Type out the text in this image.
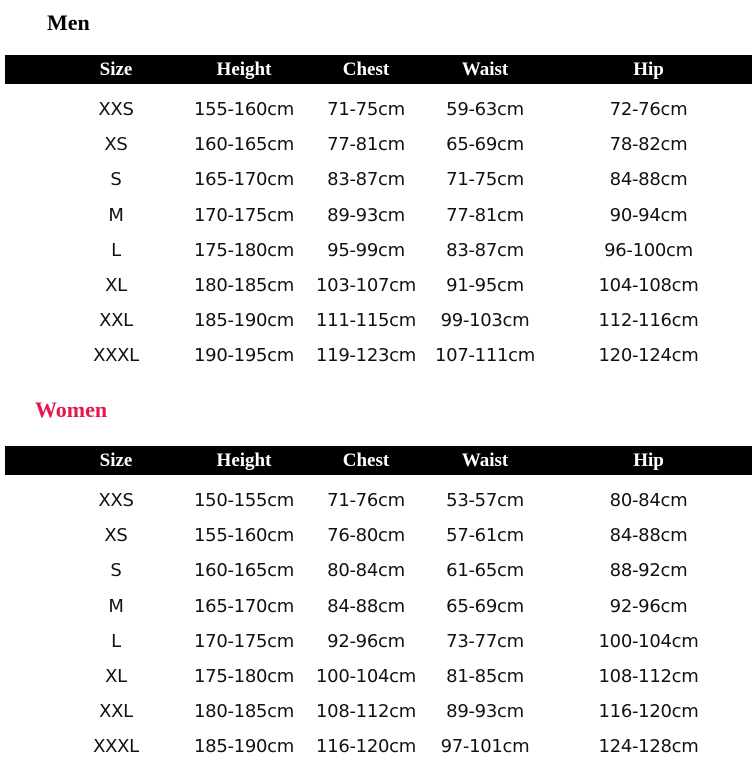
Men
	Size	Height	Chest	Waist	Hip
	XXS	155-160cm	71-75cm	59-63cm	72-76cm
	XS	160-165cm	77-81cm	65-69cm	78-82cm
	S	165-170cm	83-87cm	71-75cm	84-88cm
	M	170-175cm	89-93cm	77-81cm	90-94cm
	L	175-180cm	95-99cm	83-87cm	96-100cm
	XL	180-185cm	103-107cm	91-95cm	104-108cm
	XXL	185-190cm	111-115cm	99-103cm	112-116cm
	XXXL	190-195cm	119-123cm	107-111cm	120-124cm
Women
	Size	Height	Chest	Waist	Hip
	XXS	150-155cm	71-76cm	53-57cm	80-84cm
	XS	155-160cm	76-80cm	57-61cm	84-88cm
	S	160-165cm	80-84cm	61-65cm	88-92cm
	M	165-170cm	84-88cm	65-69cm	92-96cm
	L	170-175cm	92-96cm	73-77cm	100-104cm
	XL	175-180cm	100-104cm	81-85cm	108-112cm
	XXL	180-185cm	108-112cm	89-93cm	116-120cm
	XXXL	185-190cm	116-120cm	97-101cm	124-128cm
